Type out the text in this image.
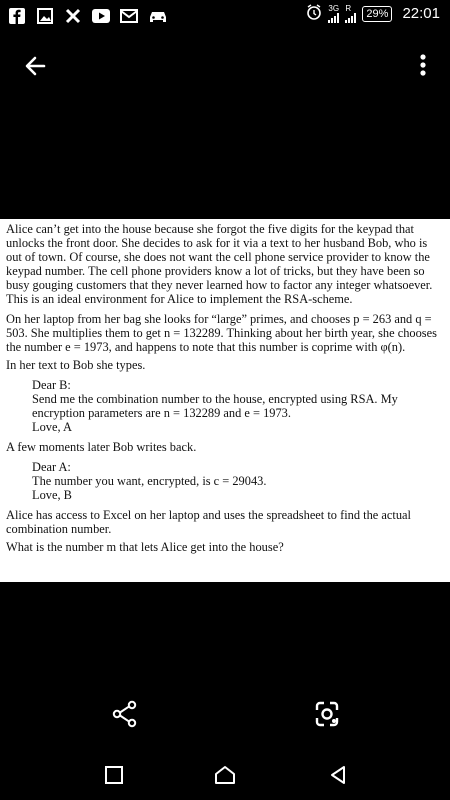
3G R	29% 22:01

Alice can’t get into the house because she forgot the five digits for the keypad that unlocks the front door. She decides to ask for it via a text to her husband Bob, who is out of town. Of course, she does not want the cell phone service provider to know the keypad number. The cell phone providers know a lot of tricks, but they have been so busy gouging customers that they never learned how to factor any integer whatsoever. This is an ideal environment for Alice to implement the RSA-scheme.

On her laptop from her bag she looks for “large” primes, and chooses p = 263 and q = 503. She multiplies them to get n = 132289. Thinking about her birth year, she chooses the number e = 1973, and happens to note that this number is coprime with φ(n).

In her text to Bob she types.

Dear B:

Send me the combination number to the house, encrypted using RSA. My encryption parameters are n = 132289 and e = 1973.

Love, A

A few moments later Bob writes back.

Dear A:

The number you want, encrypted, is c = 29043.

Love, B

Alice has access to Excel on her laptop and uses the spreadsheet to find the actual combination number.

What is the number m that lets Alice get into the house?
